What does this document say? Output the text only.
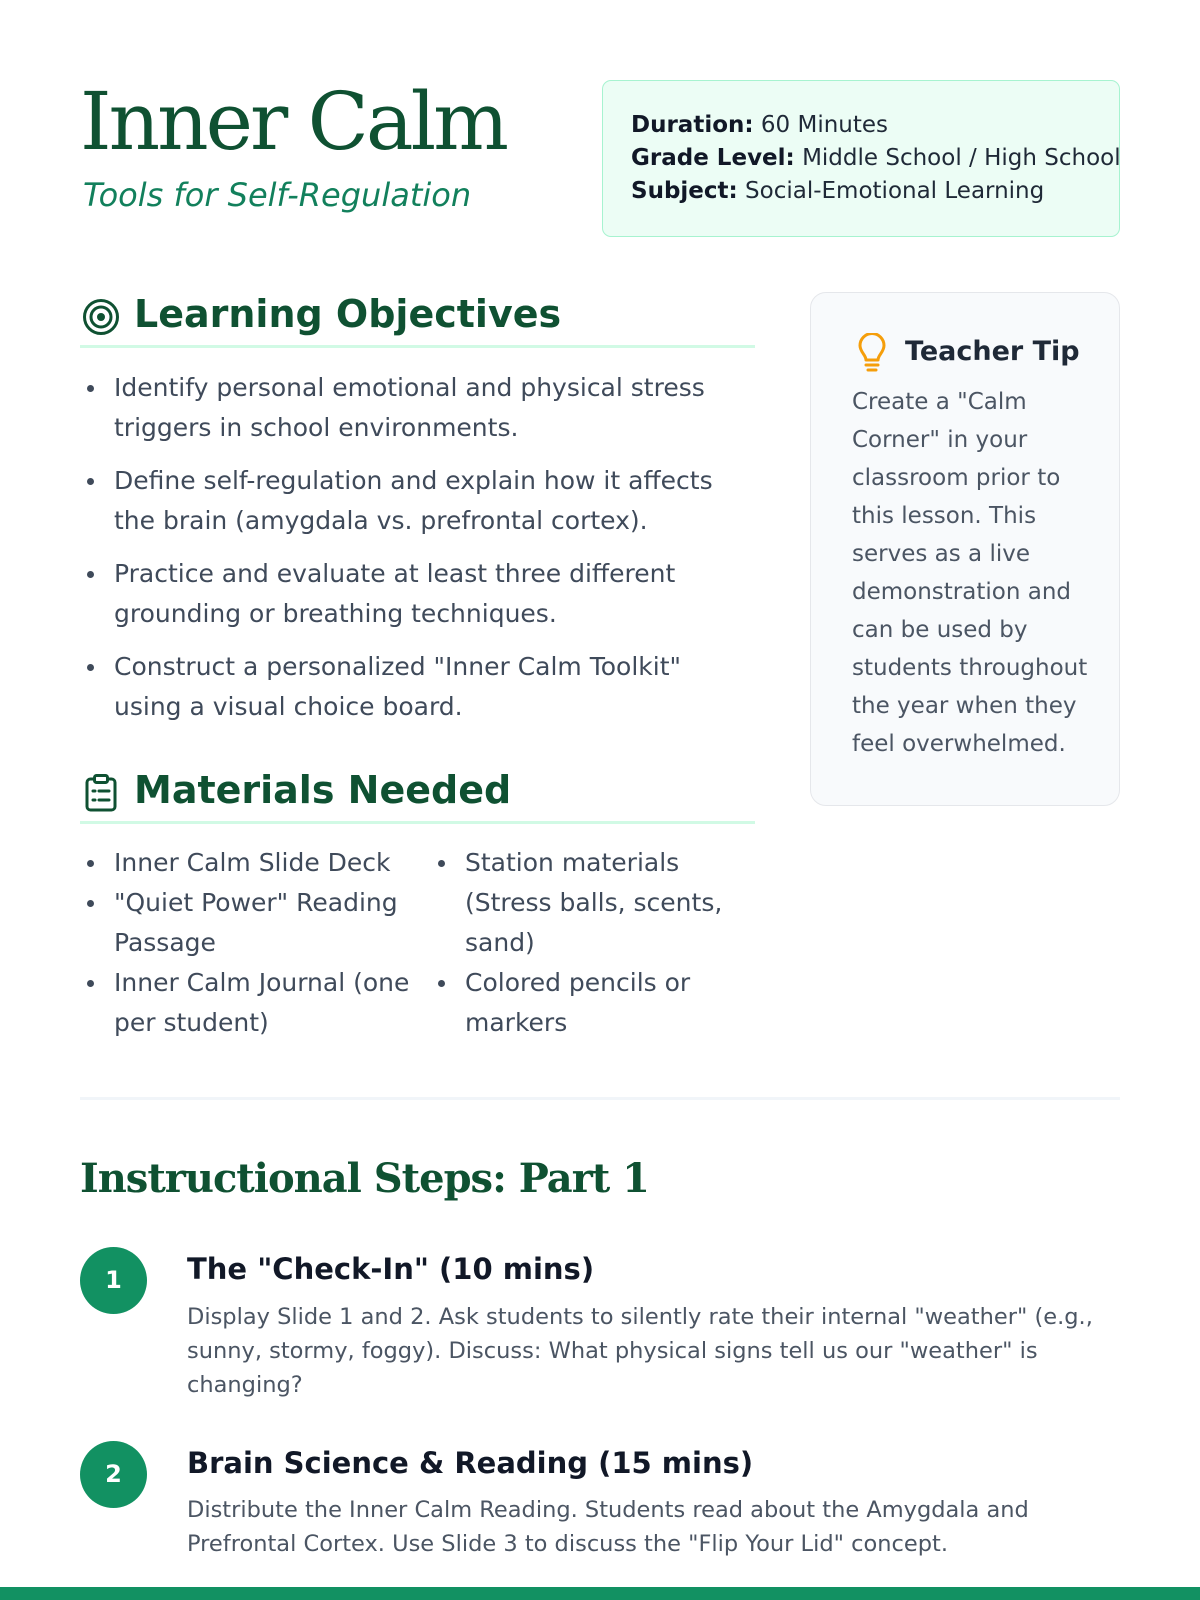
Inner Calm
Tools for Self-Regulation
Duration: 60 Minutes
Grade Level: Middle School / High School
Subject: Social-Emotional Learning
Learning Objectives
Identify personal emotional and physical stress triggers in school environments.
Define self-regulation and explain how it affects the brain (amygdala vs. prefrontal cortex).
Practice and evaluate at least three different grounding or breathing techniques.
Construct a personalized "Inner Calm Toolkit" using a visual choice board.
Materials Needed
Inner Calm Slide Deck
"Quiet Power" Reading Passage
Inner Calm Journal (one per student)
Station materials (Stress balls, scents, sand)
Colored pencils or markers
Teacher Tip
Create a "Calm Corner" in your classroom prior to this lesson. This serves as a live demonstration and can be used by students throughout the year when they feel overwhelmed.
Instructional Steps: Part 1
1	The "Check-In" (10 mins)
Display Slide 1 and 2. Ask students to silently rate their internal "weather" (e.g., sunny, stormy, foggy). Discuss: What physical signs tell us our "weather" is changing?
2	Brain Science & Reading (15 mins)
Distribute the Inner Calm Reading. Students read about the Amygdala and Prefrontal Cortex. Use Slide 3 to discuss the "Flip Your Lid" concept.
